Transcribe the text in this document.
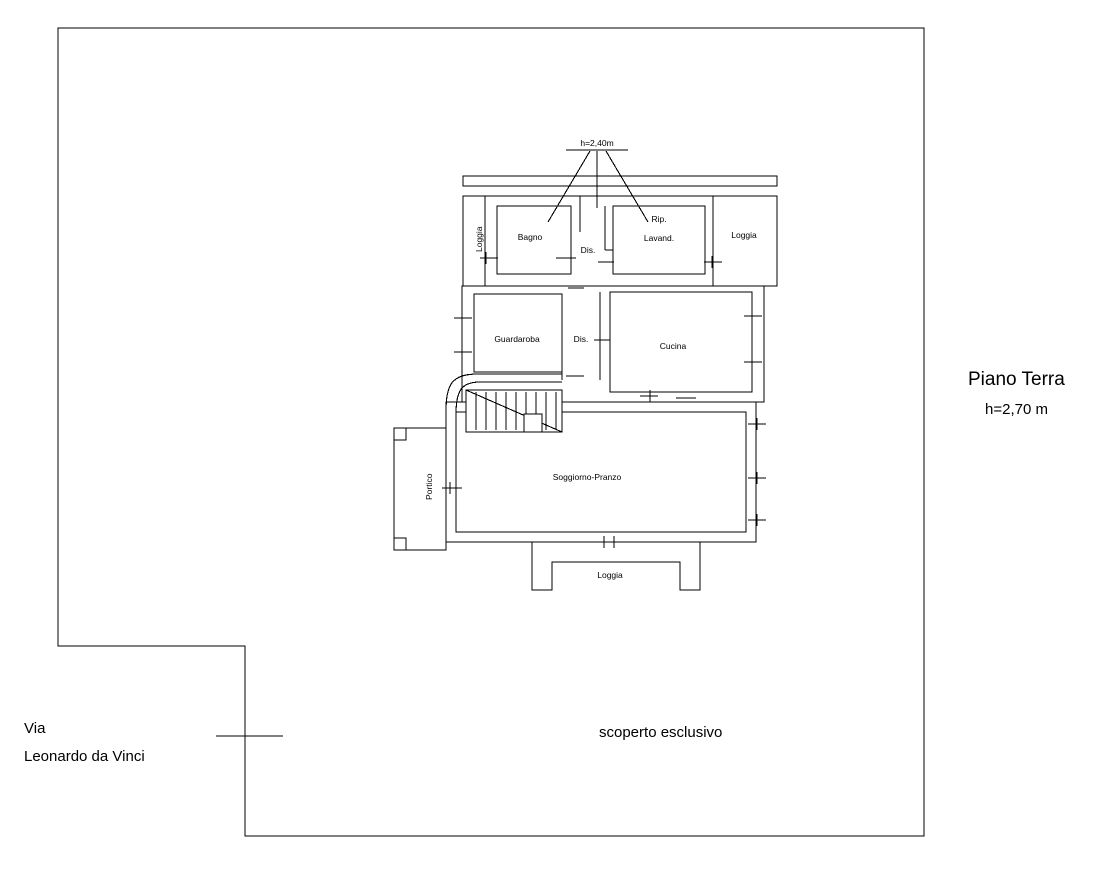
h=2,40m
Loggia	Bagno
Dis.
Rip.
Lavand.	Loggia
Guardaroba	Dis.
Cucina
Portico	Soggiorno-Pranzo
Loggia
Piano Terra
h=2,70 m
scoperto esclusivo
Via
Leonardo da Vinci
